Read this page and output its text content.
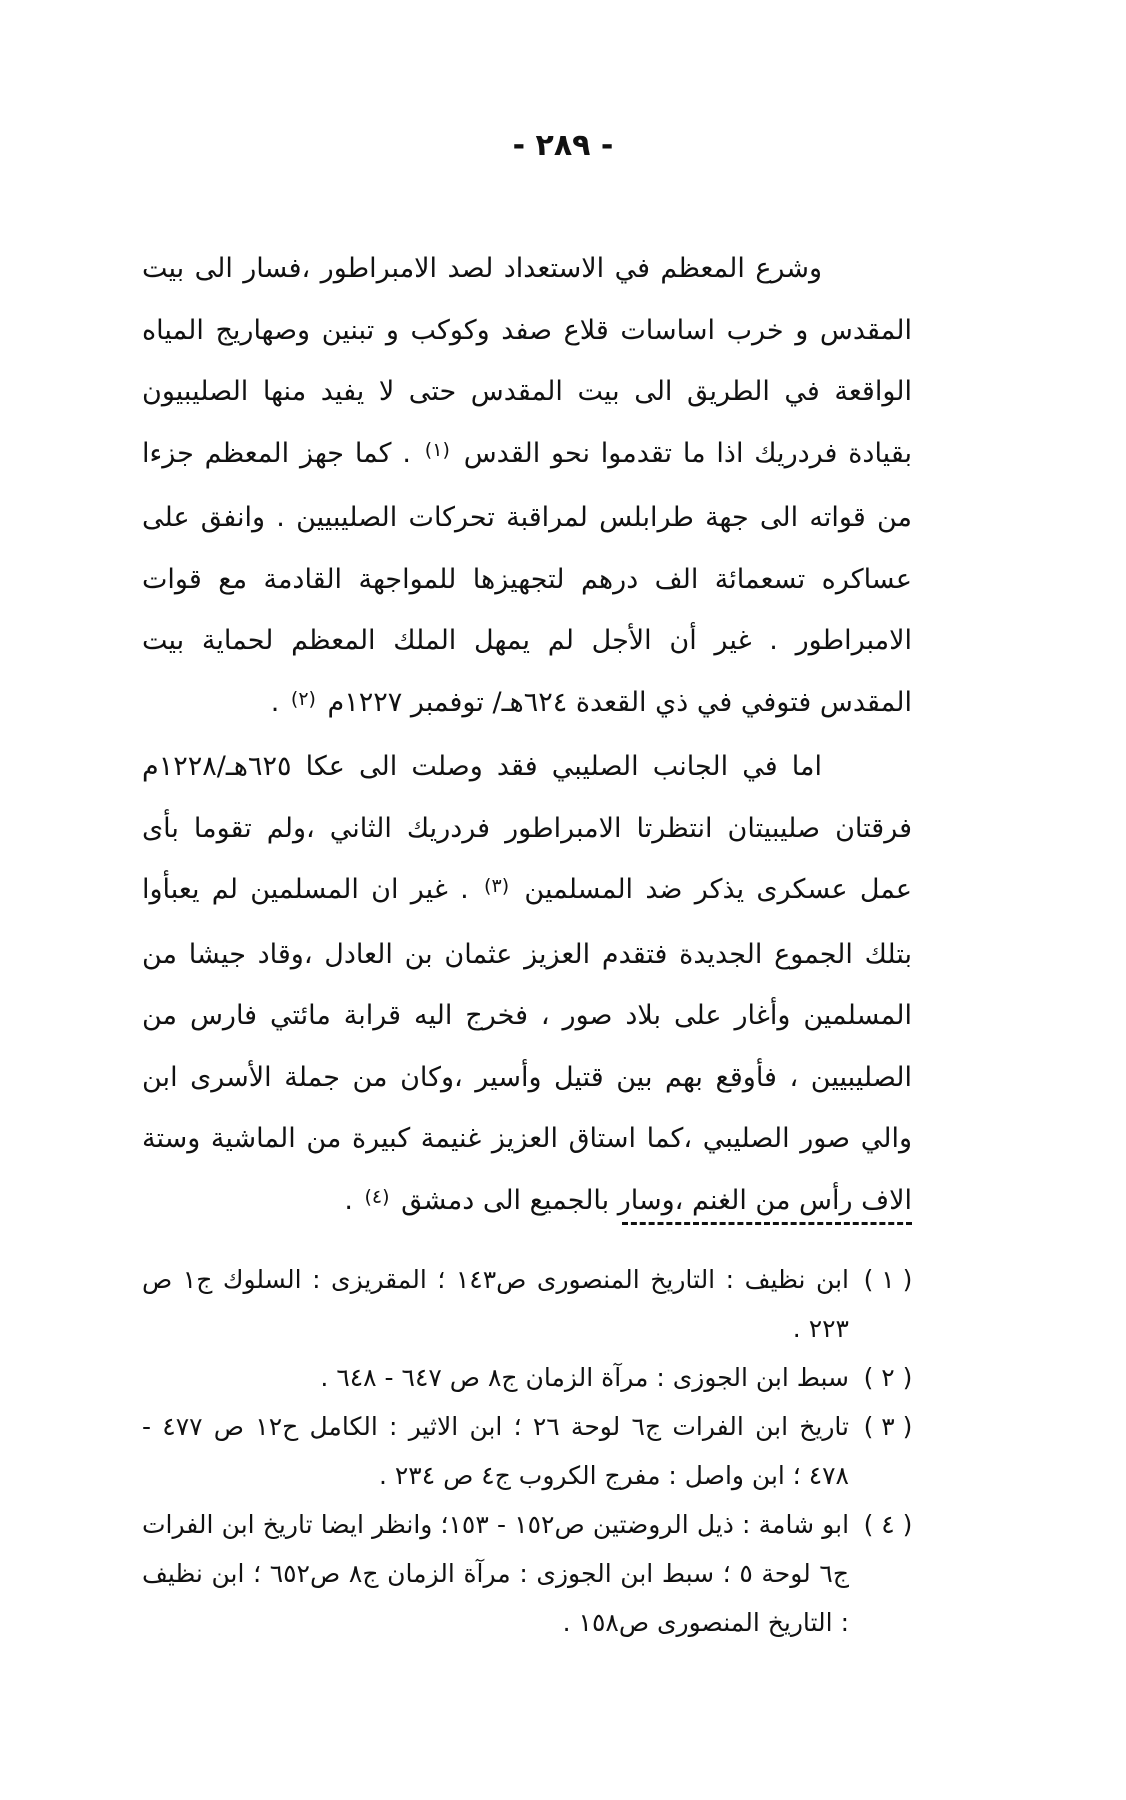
- ٢٨٩ -

وشرع المعظم في الاستعداد لصد الامبراطور ،فسار الى بيت المقدس و خرب اساسات قلاع صفد وكوكب و تبنين وصهاريج المياه الواقعة في الطريق الى بيت المقدس حتى لا يفيد منها الصليبيون بقيادة فردريك اذا ما تقدموا نحو القدس $^{(١)}$ . كما جهز المعظم جزءا من قواته الى جهة طرابلس لمراقبة تحركات الصليبيين . وانفق على عساكره تسعمائة الف درهم لتجهيزها للمواجهة القادمة مع قوات الامبراطور . غير أن الأجل لم يمهل الملك المعظم لحماية بيت المقدس فتوفي في ذي القعدة ٦٢٤هـ/ توفمبر ١٢٢٧م $^{(٢)}$ .

اما في الجانب الصليبي فقد وصلت الى عكا ٦٢٥هـ/١٢٢٨م فرقتان صليبيتان انتظرتا الامبراطور فردريك الثاني ،ولم تقوما بأى عمل عسكرى يذكر ضد المسلمين $^{(٣)}$ . غير ان المسلمين لم يعبأوا بتلك الجموع الجديدة فتقدم العزيز عثمان بن العادل ،وقاد جيشا من المسلمين وأغار على بلاد صور ، فخرج اليه قرابة مائتي فارس من الصليبيين ، فأوقع بهم بين قتيل وأسير ،وكان من جملة الأسرى ابن والي صور الصليبي ،كما استاق العزيز غنيمة كبيرة من الماشية وستة الاف رأس من الغنم ،وسار بالجميع الى دمشق $^{(٤)}$ .

( ١ )
ابن نظيف : التاريخ المنصورى ص١٤٣ ؛ المقريزى : السلوك ج١ ص ٢٢٣ .
( ٢ )
سبط ابن الجوزى : مرآة الزمان ج٨ ص ٦٤٧ - ٦٤٨ .
( ٣ )
تاريخ ابن الفرات ج٦ لوحة ٢٦ ؛ ابن الاثير : الكامل ح١٢ ص ٤٧٧ - ٤٧٨ ؛ ابن واصل : مفرج الكروب ج٤ ص ٢٣٤ .
( ٤ )
ابو شامة : ذيل الروضتين ص١٥٢ - ١٥٣؛ وانظر ايضا تاريخ ابن الفرات ج٦ لوحة ٥ ؛ سبط ابن الجوزى : مرآة الزمان ج٨ ص٦٥٢ ؛ ابن نظيف : التاريخ المنصورى ص١٥٨ .
